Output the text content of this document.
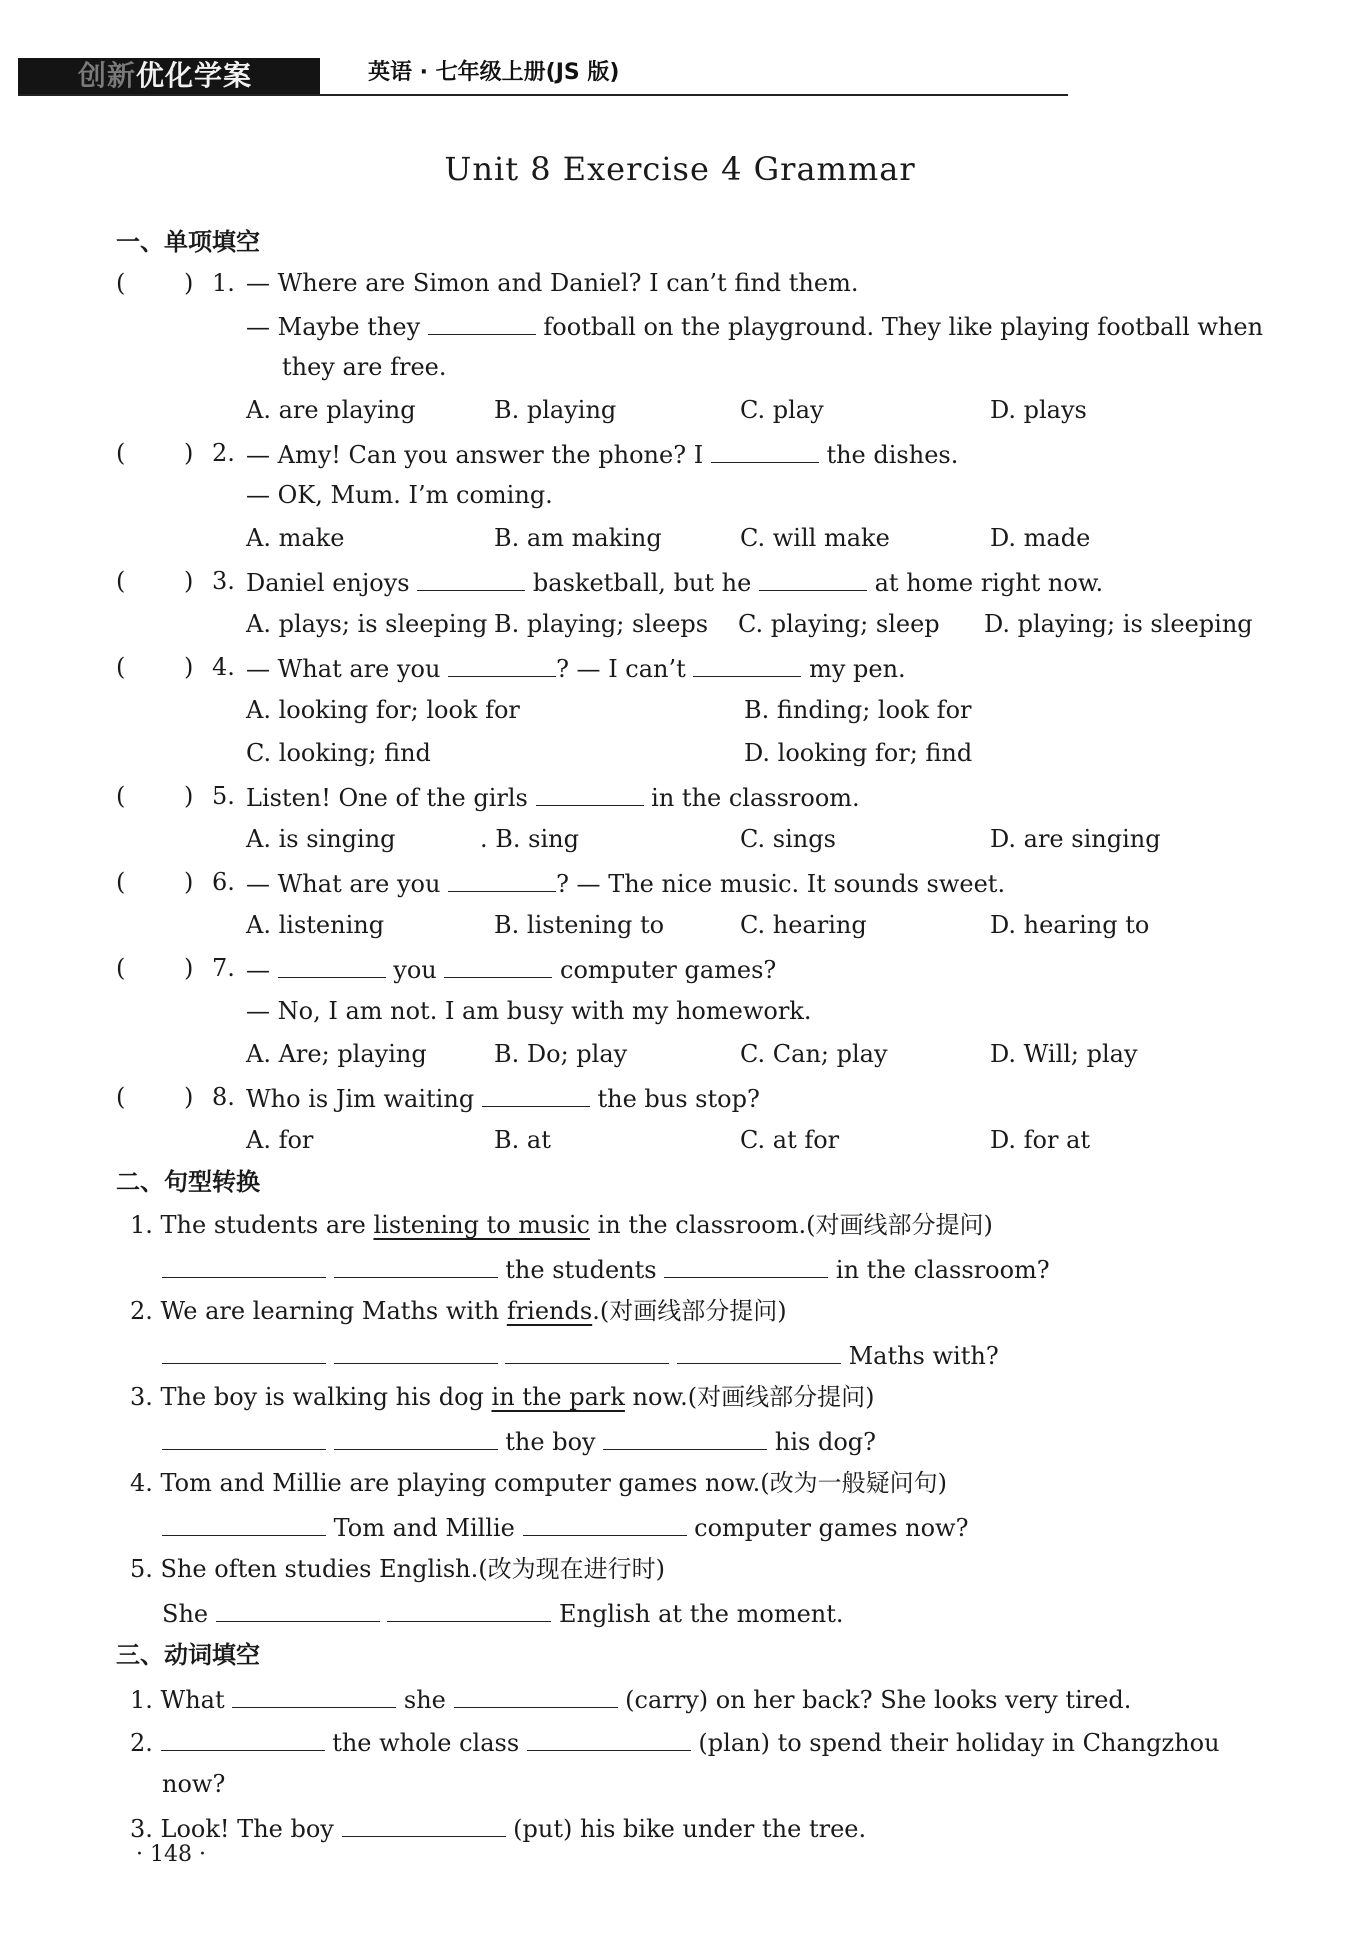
创新优化学案	英语 · 七年级上册(JS 版)
Unit 8 Exercise 4 Grammar
一、单项填空
( ) 1. — Where are Simon and Daniel? I can’t find them.
— Maybe they	football on the playground. They like playing football when
they are free.
A. are playing	B. playing	C. play	D. plays
( ) 2. — Amy! Can you answer the phone? I	the dishes.
— OK, Mum. I’m coming.
A. make	B. am making	C. will make	D. made
( ) 3. Daniel enjoys	basketball, but he	at home right now.
A. plays; is sleeping B. playing; sleeps C. playing; sleep D. playing; is sleeping
( ) 4. — What are you	? — I can’t	my pen.
A. looking for; look for	B. finding; look for
C. looking; find	D. looking for; find
( ) 5. Listen! One of the girls	in the classroom.
A. is singing	. B. sing	C. sings	D. are singing
( ) 6. — What are you	? — The nice music. It sounds sweet.
A. listening	B. listening to	C. hearing	D. hearing to
( ) 7. —	you	computer games?
— No, I am not. I am busy with my homework.
A. Are; playing	B. Do; play	C. Can; play	D. Will; play
( ) 8. Who is Jim waiting	the bus stop?
A. for	B. at	C. at for	D. for at
二、句型转换
1. The students are listening to music in the classroom.(对画线部分提问)
the students	in the classroom?
2. We are learning Maths with friends.(对画线部分提问)
Maths with?
3. The boy is walking his dog in the park now.(对画线部分提问)
the boy	his dog?
4. Tom and Millie are playing computer games now.(改为一般疑问句)
Tom and Millie	computer games now?
5. She often studies English.(改为现在进行时)
She	English at the moment.
三、动词填空
1. What	she	(carry) on her back? She looks very tired.
2.	the whole class	(plan) to spend their holiday in Changzhou
now?
3. Look! The boy	(put) his bike under the tree.
· 148 ·
